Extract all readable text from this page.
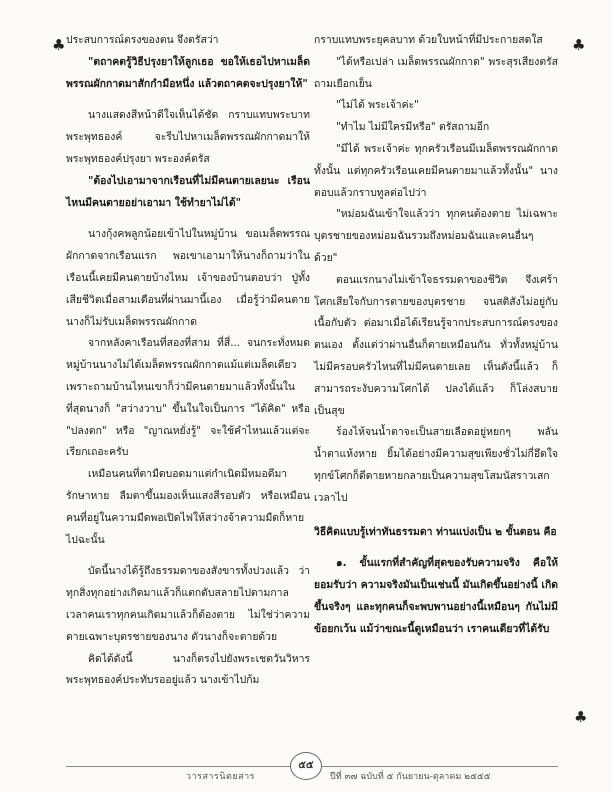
♣	♣
♣

ประสบการณ์ตรงของตน จึงตรัสว่า

"ตถาคตรู้วิธีปรุงยาให้ลูกเธอ ขอให้เธอไปหาเมล็ดพรรณผักกาดมาสักกำมือหนึ่ง แล้วตถาคตจะปรุงยาให้"

นางแสดงสีหน้าดีใจเห็นได้ชัด กราบแทบพระบาทพระพุทธองค์ จะรีบไปหาเมล็ดพรรณผักกาดมาให้พระพุทธองค์ปรุงยา พระองค์ตรัส

"ต้องไปเอามาจากเรือนที่ไม่มีคนตายเลยนะ เรือนไหนมีคนตายอย่าเอามา ใช้ทำยาไม่ได้"

นางกุ้งคพลูกน้อยเข้าไปในหมู่บ้าน ขอเมล็ดพรรณผักกาดจากเรือนแรก พอเขาเอามาให้นางก็ถามว่าในเรือนนี้เคยมีคนตายบ้างไหม เจ้าของบ้านตอบว่า ปู่ทั้งเสียชีวิตเมื่อสามเดือนที่ผ่านมานี้เอง เมื่อรู้ว่ามีคนตายนางก็ไม่รับเมล็ดพรรณผักกาด

จากหลังคาเรือนที่สองที่สาม ที่สี่... จนกระทั่งหมดหมู่บ้านนางไม่ได้เมล็ดพรรณผักกาดแม้แต่เมล็ดเดียว เพราะถามบ้านไหนเขาก็ว่ามีคนตายมาแล้วทั้งนั้นในที่สุดนางก็ "สว่างวาบ" ขึ้นในใจเป็นการ "ได้คิด" หรือ "ปลงตก" หรือ "ญาณหยั่งรู้" จะใช้คำไหนแล้วแต่จะเรียกเถอะครับ

เหมือนคนที่ตามืดบอดมาแต่กำเนิดมีหมอดีมารักษาหาย ลืมตาขึ้นมองเห็นแสงสีรอบตัว หรือเหมือนคนที่อยู่ในความมืดพอเปิดไฟให้สว่างจ้าความมืดก็หายไปฉะนั้น

บัดนี้นางได้รู้ถึงธรรมดาของสังขารทั้งปวงแล้ว ว่าทุกสิ่งทุกอย่างเกิดมาแล้วก็แตกดับสลายไปตามกาลเวลาคนเราทุกคนเกิดมาแล้วก็ต้องตาย ไม่ใช่ว่าความตายเฉพาะบุตรชายของนาง ตัวนางก็จะตายด้วย

คิดได้ดังนี้ นางก็ตรงไปยังพระเชตวันวิหาร พระพุทธองค์ประทับรออยู่แล้ว นางเข้าไปก้ม

กราบแทบพระยุคลบาท ด้วยใบหน้าที่มีประกายสดใส

"ได้หรือเปล่า เมล็ดพรรณผักกาด" พระสุรเสียงตรัสถามเยือกเย็น

"ไม่ได้ พระเจ้าค่ะ"

"ทำไม ไม่มีใครมีหรือ" ตรัสถามอีก

"มีได้ พระเจ้าค่ะ ทุกครัวเรือนมีเมล็ดพรรณผักกาดทั้งนั้น แต่ทุกครัวเรือนเคยมีคนตายมาแล้วทั้งนั้น" นางตอบแล้วกราบทูลต่อไปว่า

"หม่อมฉันเข้าใจแล้วว่า ทุกคนต้องตาย ไม่เฉพาะบุตรชายของหม่อมฉันรวมถึงหม่อมฉันและคนอื่นๆ ด้วย"

ตอนแรกนางไม่เข้าใจธรรมดาของชีวิต จึงเศร้าโศกเสียใจกับการตายของบุตรชาย จนสติสังไม่อยู่กับเนื้อกับตัว ต่อมาเมื่อได้เรียนรู้จากประสบการณ์ตรงของตนเอง ตั้งแต่ว่าผ่านอื่นก็ตายเหมือนกัน ทั่วทั้งหมู่บ้านไม่มีครอบครัวไหนที่ไม่มีคนตายเลย เห็นดังนี้แล้ว ก็สามารถระงับความโศกได้ ปลงได้แล้ว ก็โล่งสบายเป็นสุข

ร้องไห้จนน้ำตาจะเป็นสายเลือดอยู่หยกๆ พลันน้ำตาแห้งหาย ยิ้มได้อย่างมีความสุขเพียงชั่วไม่กี่อึดใจ ทุกข์โศกก็ดีดายหายกลายเป็นความสุขโสมนัสราวเสกเวลาไป

วิธีคิดแบบรู้เท่าทันธรรมดา ท่านแบ่งเป็น ๒ ขั้นตอน คือ

๑. ขั้นแรกที่สำคัญที่สุดของรับความจริง คือให้ยอมรับว่า ความจริงมันเป็นเช่นนี้ มันเกิดขึ้นอย่างนี้ เกิดขึ้นจริงๆ และทุกคนก็จะพบพานอย่างนี้เหมือนๆ กันไม่มีข้อยกเว้น แม้ว่าขณะนี้ดูเหมือนว่า เราคนเดียวที่ได้รับ

วารสารนิตยสาร
๕๕
ปีที่ ๓๗ ฉบับที่ ๕ กันยายน-ตุลาคม ๒๕๕๕
